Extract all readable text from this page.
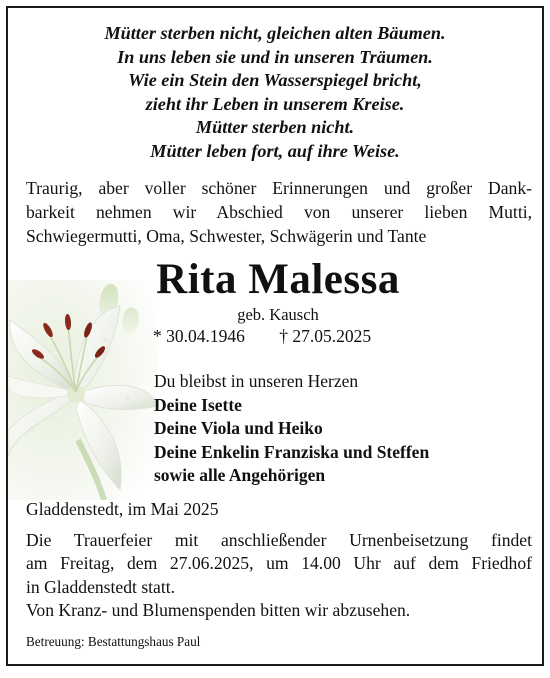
Mütter sterben nicht, gleichen alten Bäumen.
In uns leben sie und in unseren Träumen.
Wie ein Stein den Wasserspiegel bricht,
zieht ihr Leben in unserem Kreise.
Mütter sterben nicht.
Mütter leben fort, auf ihre Weise.
Traurig, aber voller schöner Erinnerungen und großer Dank-
barkeit nehmen wir Abschied von unserer lieben Mutti,
Schwiegermutti, Oma, Schwester, Schwägerin und Tante
Rita Malessa
geb. Kausch
* 30.04.1946 † 27.05.2025
Du bleibst in unseren Herzen
Deine Isette
Deine Viola und Heiko
Deine Enkelin Franziska und Steffen
sowie alle Angehörigen
Gladdenstedt, im Mai 2025
Die Trauerfeier mit anschließender Urnenbeisetzung findet
am Freitag, dem 27.06.2025, um 14.00 Uhr auf dem Friedhof
in Gladdenstedt statt.
Von Kranz- und Blumenspenden bitten wir abzusehen.
Betreuung: Bestattungshaus Paul
